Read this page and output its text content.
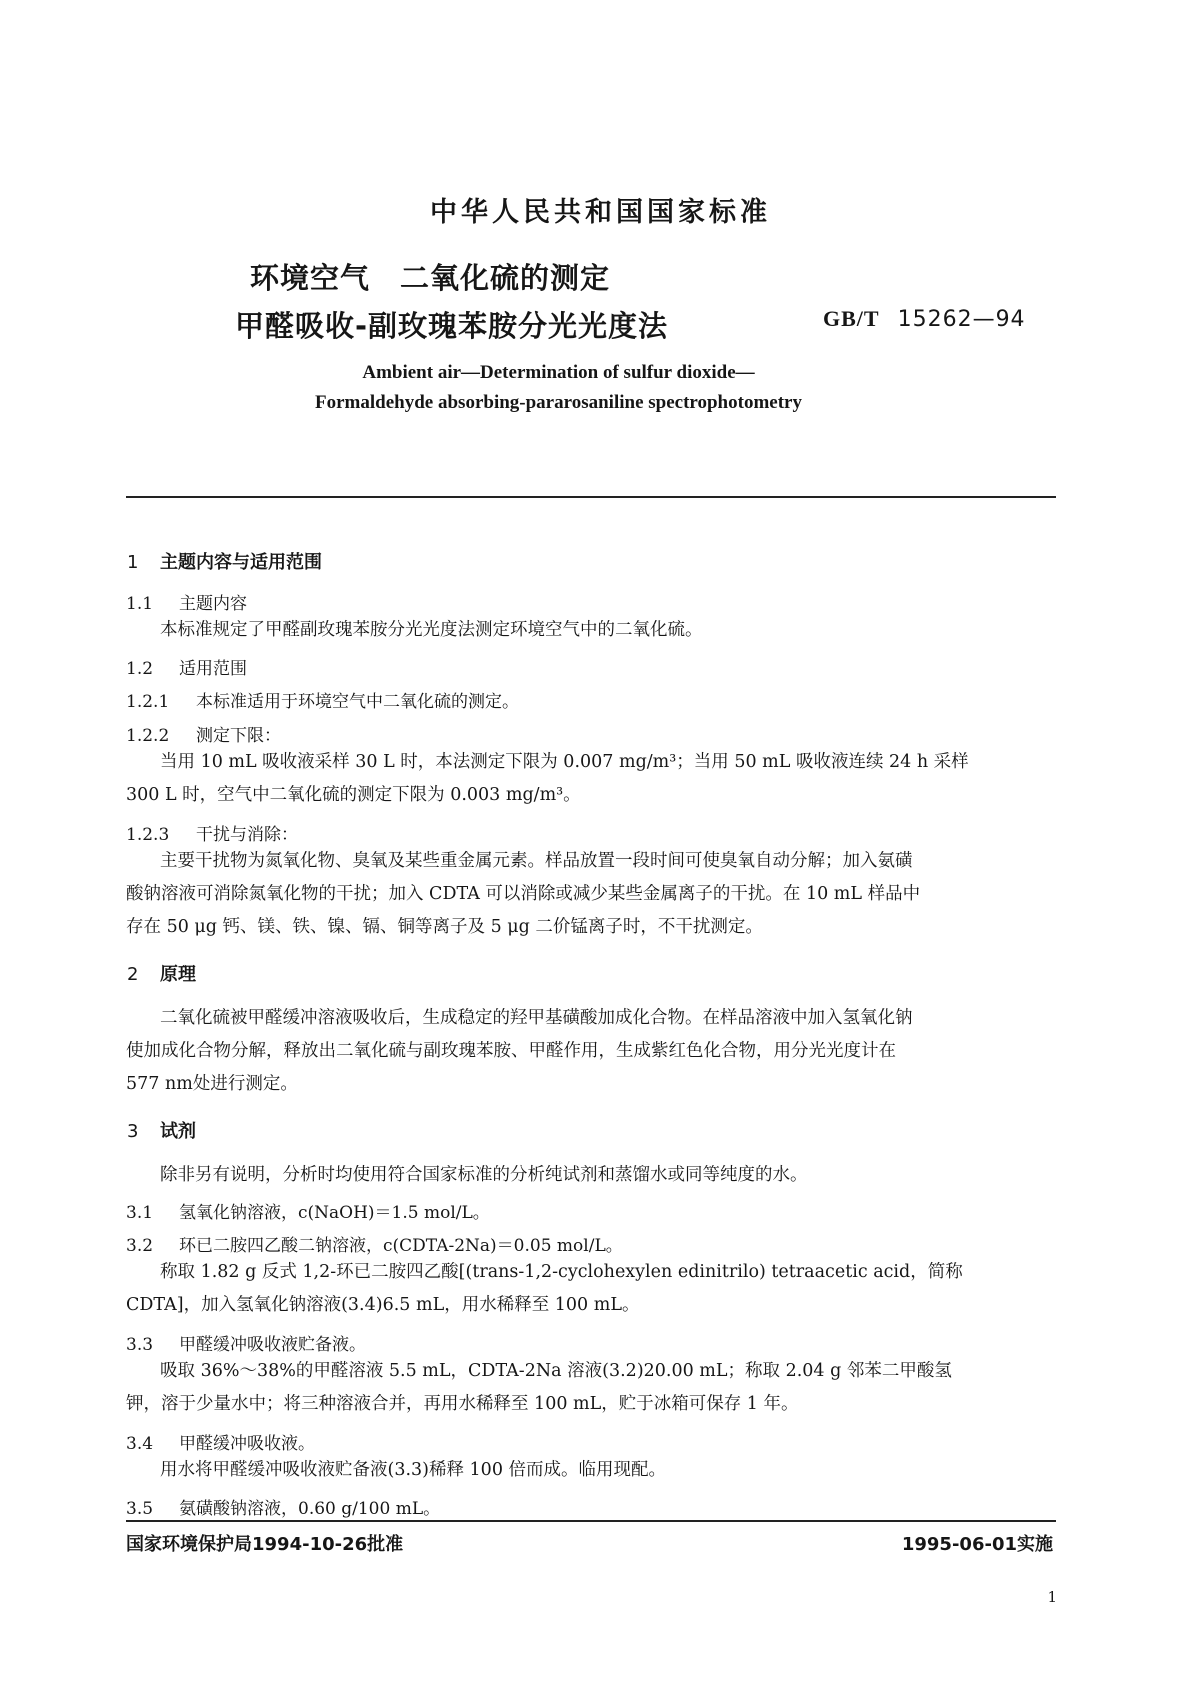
中华人民共和国国家标准
环境空气　二氧化硫的测定
甲醛吸收-副玫瑰苯胺分光光度法	GB/T 15262—94
Ambient air—Determination of sulfur dioxide—
Formaldehyde absorbing-pararosaniline spectrophotometry
1 主题内容与适用范围
1.1 主题内容
本标准规定了甲醛副玫瑰苯胺分光光度法测定环境空气中的二氧化硫。
1.2 适用范围
1.2.1 本标准适用于环境空气中二氧化硫的测定。
1.2.2 测定下限：
当用 10 mL 吸收液采样 30 L 时，本法测定下限为 0.007 mg/m³；当用 50 mL 吸收液连续 24 h 采样
300 L 时，空气中二氧化硫的测定下限为 0.003 mg/m³。
1.2.3 干扰与消除：
主要干扰物为氮氧化物、臭氧及某些重金属元素。样品放置一段时间可使臭氧自动分解；加入氨磺
酸钠溶液可消除氮氧化物的干扰；加入 CDTA 可以消除或减少某些金属离子的干扰。在 10 mL 样品中
存在 50 μg 钙、镁、铁、镍、镉、铜等离子及 5 μg 二价锰离子时，不干扰测定。
2 原理
二氧化硫被甲醛缓冲溶液吸收后，生成稳定的羟甲基磺酸加成化合物。在样品溶液中加入氢氧化钠
使加成化合物分解，释放出二氧化硫与副玫瑰苯胺、甲醛作用，生成紫红色化合物，用分光光度计在
577 nm处进行测定。
3 试剂
除非另有说明，分析时均使用符合国家标准的分析纯试剂和蒸馏水或同等纯度的水。
3.1 氢氧化钠溶液，c(NaOH)＝1.5 mol/L。
3.2 环已二胺四乙酸二钠溶液，c(CDTA-2Na)＝0.05 mol/L。
称取 1.82 g 反式 1,2-环已二胺四乙酸[(trans-1,2-cyclohexylen edinitrilo) tetraacetic acid，简称
CDTA]，加入氢氧化钠溶液(3.4)6.5 mL，用水稀释至 100 mL。
3.3 甲醛缓冲吸收液贮备液。
吸取 36%～38%的甲醛溶液 5.5 mL，CDTA-2Na 溶液(3.2)20.00 mL；称取 2.04 g 邻苯二甲酸氢
钾，溶于少量水中；将三种溶液合并，再用水稀释至 100 mL，贮于冰箱可保存 1 年。
3.4 甲醛缓冲吸收液。
用水将甲醛缓冲吸收液贮备液(3.3)稀释 100 倍而成。临用现配。
3.5 氨磺酸钠溶液，0.60 g/100 mL。
国家环境保护局1994-10-26批准	1995-06-01实施
1
